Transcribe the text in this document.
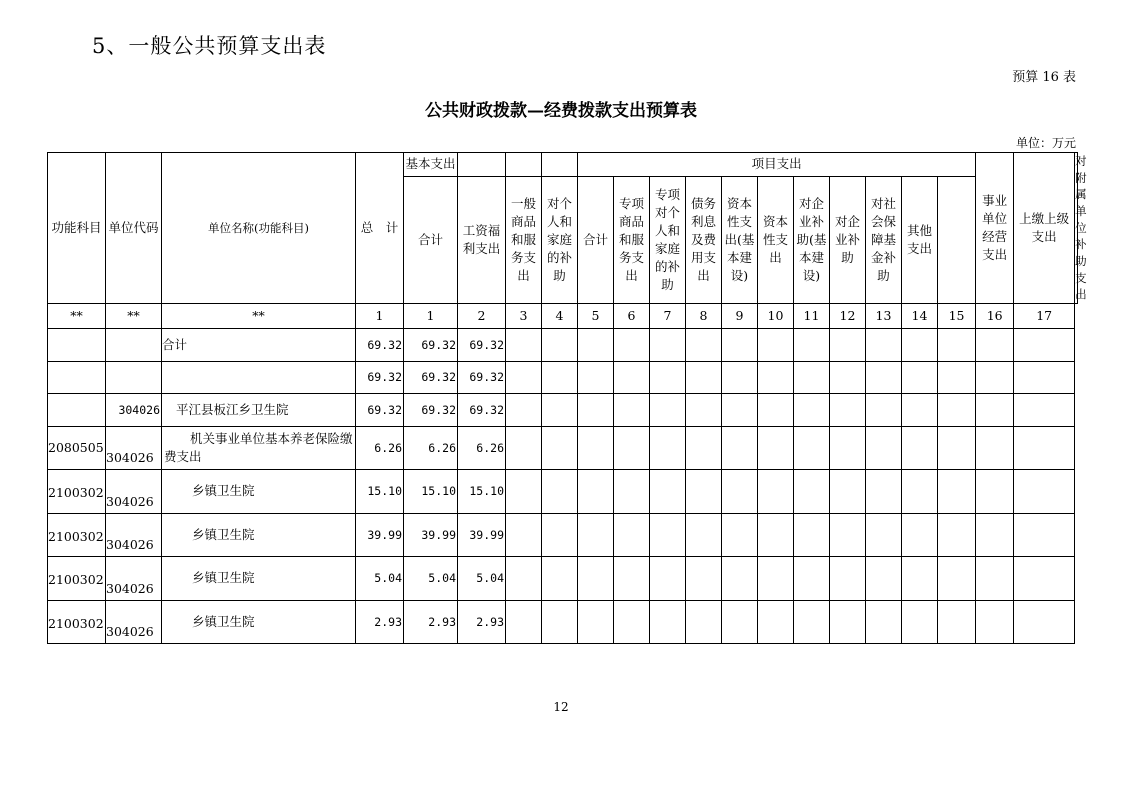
5、一般公共预算支出表
预算 16 表
公共财政拨款—经费拨款支出预算表
单位：万元
功能科目	单位代码	单位名称(功能科目)	总　计	基本支出				项目支出											事业单位经营支出	上缴上级支出	对附属单位补助支出
				合计	工资福利支出	一般商品和服务支出	对个人和家庭的补助	合计	专项商品和服务支出	专项对个人和家庭的补助	债务利息及费用支出	资本性支出(基本建设)	资本性支出	对企业补助(基本建设)	对企业补助	对社会保障基金补助	其他支出				
**	**	**	1	1	2	3	4	5	6	7	8	9	10	11	12	13	14	15	16	17	
		合计	69.32	69.32	69.32																
			69.32	69.32	69.32																
	304026	平江县板江乡卫生院	69.32	69.32	69.32																
2080505	304026	机关事业单位基本养老保险缴费支出	6.26	6.26	6.26																
2100302	304026	乡镇卫生院	15.10	15.10	15.10																
2100302	304026	乡镇卫生院	39.99	39.99	39.99																
2100302	304026	乡镇卫生院	5.04	5.04	5.04																
2100302	304026	乡镇卫生院	2.93	2.93	2.93																
12
